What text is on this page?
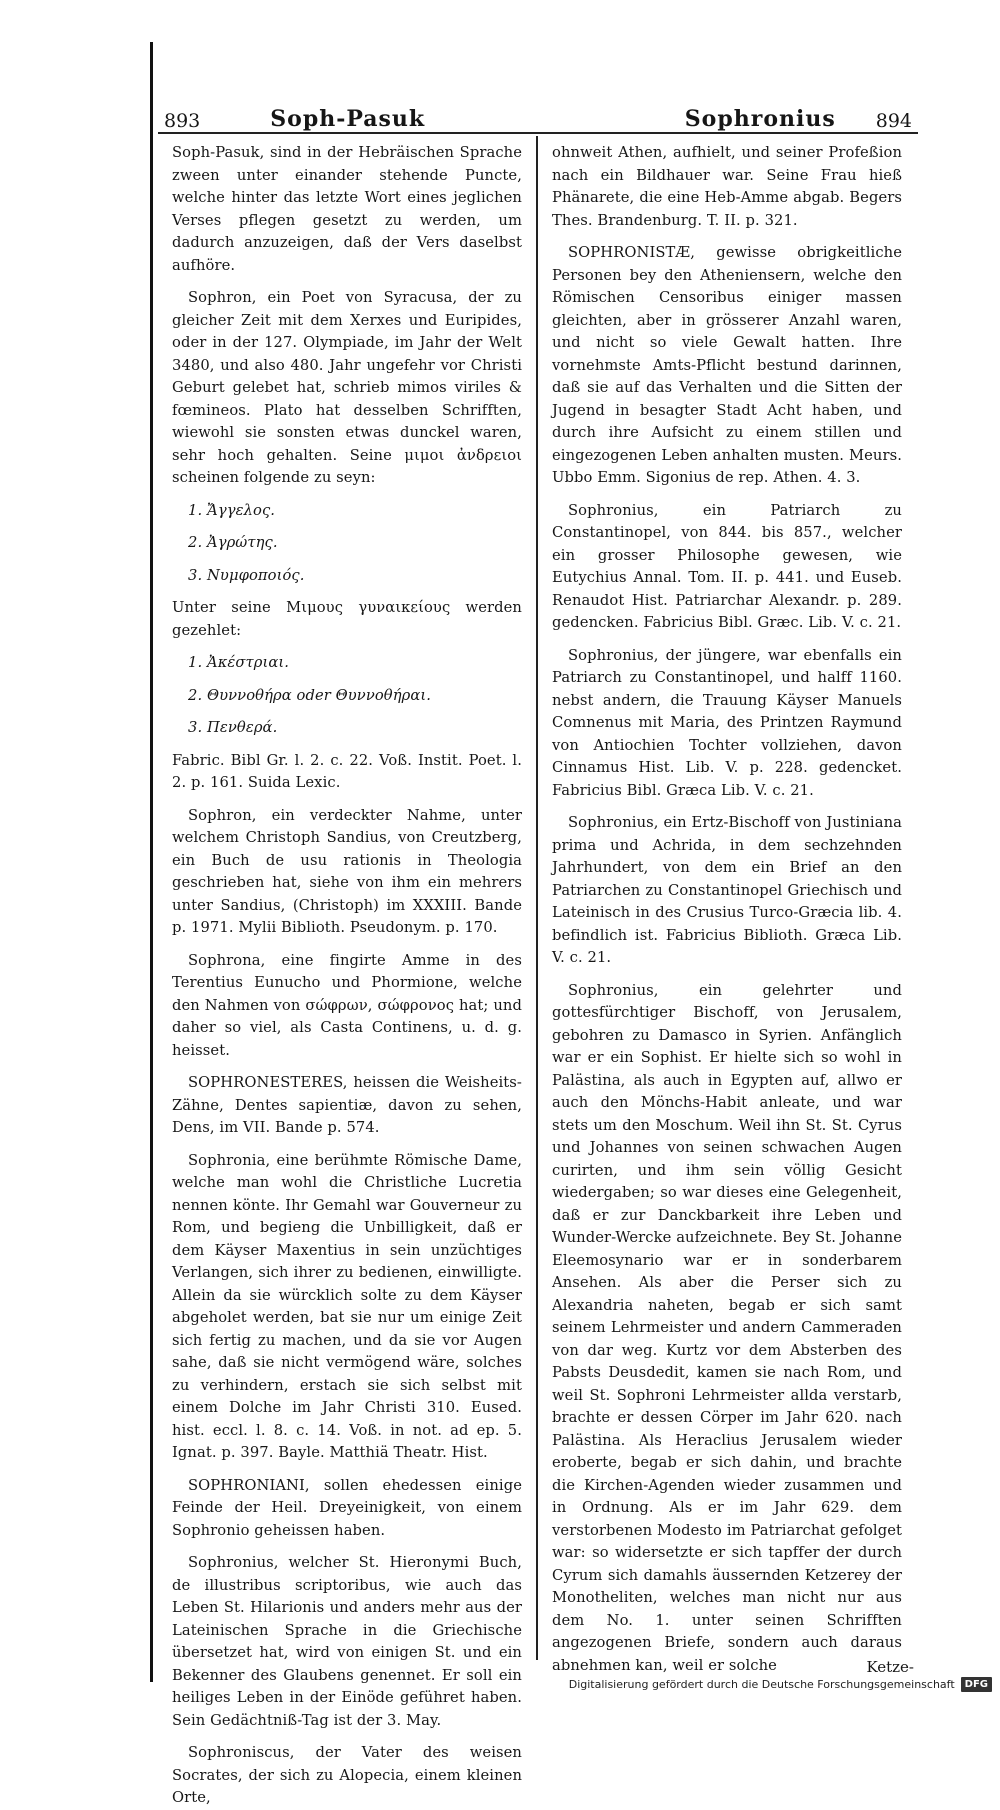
893	Soph-Pasuk	Sophronius 894

Soph-Pasuk, sind in der Hebräischen Sprache zween unter einander stehende Puncte, welche hinter das letzte Wort eines jeglichen Verses pflegen gesetzt zu werden, um dadurch anzuzeigen, daß der Vers daselbst aufhöre.

Sophron, ein Poet von Syracusa, der zu gleicher Zeit mit dem Xerxes und Euripides, oder in der 127. Olympiade, im Jahr der Welt 3480, und also 480. Jahr ungefehr vor Christi Geburt gelebet hat, schrieb mimos viriles & fœmineos. Plato hat desselben Schrifften, wiewohl sie sonsten etwas dunckel waren, sehr hoch gehalten. Seine μιμοι ἀνδρειοι scheinen folgende zu seyn:

1. Ἄγγελος.

2. Ἀγρώτης.

3. Νυμφοποιός.

Unter seine Μιμους γυναικείους werden gezehlet:

1. Ἀκέστριαι.

2. Θυννοθήρα oder Θυννοθήραι.

3. Πενθερά.

Fabric. Bibl Gr. l. 2. c. 22. Voß. Instit. Poet. l. 2. p. 161. Suida Lexic.

Sophron, ein verdeckter Nahme, unter welchem Christoph Sandius, von Creutzberg, ein Buch de usu rationis in Theologia geschrieben hat, siehe von ihm ein mehrers unter Sandius, (Christoph) im XXXIII. Bande p. 1971. Mylii Biblioth. Pseudonym. p. 170.

Sophrona, eine fingirte Amme in des Terentius Eunucho und Phormione, welche den Nahmen von σώφρων, σώφρονος hat; und daher so viel, als Casta Continens, u. d. g. heisset.

SOPHRONESTERES, heissen die Weisheits-Zähne, Dentes sapientiæ, davon zu sehen, Dens, im VII. Bande p. 574.

Sophronia, eine berühmte Römische Dame, welche man wohl die Christliche Lucretia nennen könte. Ihr Gemahl war Gouverneur zu Rom, und begieng die Unbilligkeit, daß er dem Käyser Maxentius in sein unzüchtiges Verlangen, sich ihrer zu bedienen, einwilligte. Allein da sie würcklich solte zu dem Käyser abgeholet werden, bat sie nur um einige Zeit sich fertig zu machen, und da sie vor Augen sahe, daß sie nicht vermögend wäre, solches zu verhindern, erstach sie sich selbst mit einem Dolche im Jahr Christi 310. Eused. hist. eccl. l. 8. c. 14. Voß. in not. ad ep. 5. Ignat. p. 397. Bayle. Matthiä Theatr. Hist.

SOPHRONIANI, sollen ehedessen einige Feinde der Heil. Dreyeinigkeit, von einem Sophronio geheissen haben.

Sophronius, welcher St. Hieronymi Buch, de illustribus scriptoribus, wie auch das Leben St. Hilarionis und anders mehr aus der Lateinischen Sprache in die Griechische übersetzet hat, wird von einigen St. und ein Bekenner des Glaubens genennet. Er soll ein heiliges Leben in der Einöde geführet haben. Sein Gedächtniß-Tag ist der 3. May.

Sophroniscus, der Vater des weisen Socrates, der sich zu Alopecia, einem kleinen Orte,

ohnweit Athen, aufhielt, und seiner Profeßion nach ein Bildhauer war. Seine Frau hieß Phänarete, die eine Heb-Amme abgab. Begers Thes. Brandenburg. T. II. p. 321.

SOPHRONISTÆ, gewisse obrigkeitliche Personen bey den Atheniensern, welche den Römischen Censoribus einiger massen gleichten, aber in grösserer Anzahl waren, und nicht so viele Gewalt hatten. Ihre vornehmste Amts-Pflicht bestund darinnen, daß sie auf das Verhalten und die Sitten der Jugend in besagter Stadt Acht haben, und durch ihre Aufsicht zu einem stillen und eingezogenen Leben anhalten musten. Meurs. Ubbo Emm. Sigonius de rep. Athen. 4. 3.

Sophronius, ein Patriarch zu Constantinopel, von 844. bis 857., welcher ein grosser Philosophe gewesen, wie Eutychius Annal. Tom. II. p. 441. und Euseb. Renaudot Hist. Patriarchar Alexandr. p. 289. gedencken. Fabricius Bibl. Græc. Lib. V. c. 21.

Sophronius, der jüngere, war ebenfalls ein Patriarch zu Constantinopel, und halff 1160. nebst andern, die Trauung Käyser Manuels Comnenus mit Maria, des Printzen Raymund von Antiochien Tochter vollziehen, davon Cinnamus Hist. Lib. V. p. 228. gedencket. Fabricius Bibl. Græca Lib. V. c. 21.

Sophronius, ein Ertz-Bischoff von Justiniana prima und Achrida, in dem sechzehnden Jahrhundert, von dem ein Brief an den Patriarchen zu Constantinopel Griechisch und Lateinisch in des Crusius Turco-Græcia lib. 4. befindlich ist. Fabricius Biblioth. Græca Lib. V. c. 21.

Sophronius, ein gelehrter und gottesfürchtiger Bischoff, von Jerusalem, gebohren zu Damasco in Syrien. Anfänglich war er ein Sophist. Er hielte sich so wohl in Palästina, als auch in Egypten auf, allwo er auch den Mönchs-Habit anleate, und war stets um den Moschum. Weil ihn St. St. Cyrus und Johannes von seinen schwachen Augen curirten, und ihm sein völlig Gesicht wiedergaben; so war dieses eine Gelegenheit, daß er zur Danckbarkeit ihre Leben und Wunder-Wercke aufzeichnete. Bey St. Johanne Eleemosynario war er in sonderbarem Ansehen. Als aber die Perser sich zu Alexandria naheten, begab er sich samt seinem Lehrmeister und andern Cammeraden von dar weg. Kurtz vor dem Absterben des Pabsts Deusdedit, kamen sie nach Rom, und weil St. Sophroni Lehrmeister allda verstarb, brachte er dessen Cörper im Jahr 620. nach Palästina. Als Heraclius Jerusalem wieder eroberte, begab er sich dahin, und brachte die Kirchen-Agenden wieder zusammen und in Ordnung. Als er im Jahr 629. dem verstorbenen Modesto im Patriarchat gefolget war: so widersetzte er sich tapffer der durch Cyrum sich damahls äussernden Ketzerey der Monotheliten, welches man nicht nur aus dem No. 1. unter seinen Schrifften angezogenen Briefe, sondern auch daraus abnehmen kan, weil er solche	Ketze-
Digitalisierung gefördert durch die Deutsche Forschungsgemeinschaft	DFG
